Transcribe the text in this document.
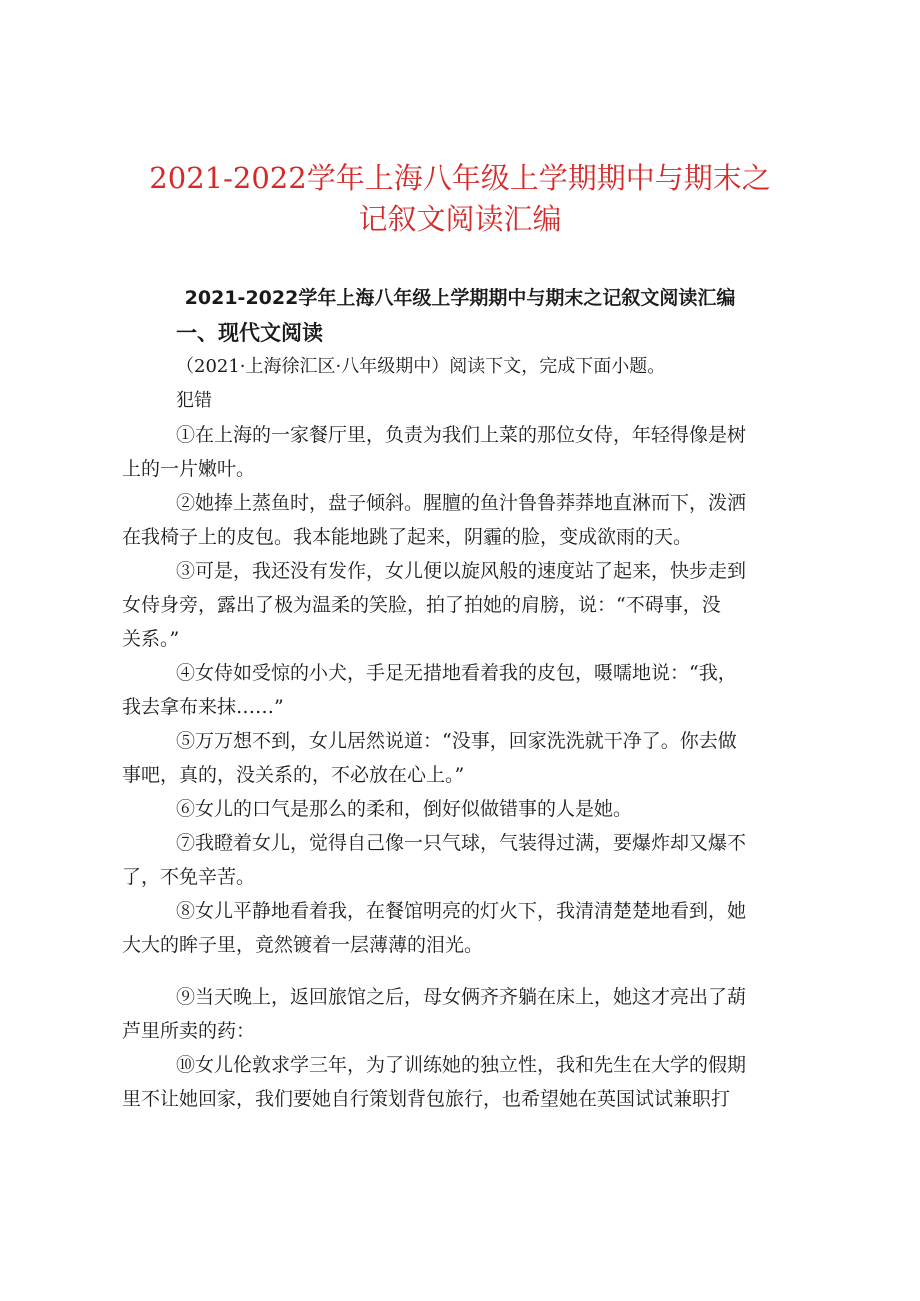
2021-2022学年上海八年级上学期期中与期末之
记叙文阅读汇编
2021-2022学年上海八年级上学期期中与期末之记叙文阅读汇编
一、现代文阅读

（2021·上海徐汇区·八年级期中）阅读下文，完成下面小题。

犯错

①在上海的一家餐厅里，负责为我们上菜的那位女侍，年轻得像是树
上的一片嫩叶。

②她捧上蒸鱼时，盘子倾斜。腥膻的鱼汁鲁鲁莽莽地直淋而下，泼洒
在我椅子上的皮包。我本能地跳了起来，阴霾的脸，变成欲雨的天。

③可是，我还没有发作，女儿便以旋风般的速度站了起来，快步走到
女侍身旁，露出了极为温柔的笑脸，拍了拍她的肩膀，说：“不碍事，没
关系。”

④女侍如受惊的小犬，手足无措地看着我的皮包，嗫嚅地说：“我，
我去拿布来抹……”

⑤万万想不到，女儿居然说道：“没事，回家洗洗就干净了。你去做
事吧，真的，没关系的，不必放在心上。”

⑥女儿的口气是那么的柔和，倒好似做错事的人是她。

⑦我瞪着女儿，觉得自己像一只气球，气装得过满，要爆炸却又爆不
了，不免辛苦。

⑧女儿平静地看着我，在餐馆明亮的灯火下，我清清楚楚地看到，她
大大的眸子里，竟然镀着一层薄薄的泪光。

⑨当天晚上，返回旅馆之后，母女俩齐齐躺在床上，她这才亮出了葫
芦里所卖的药：

⑩女儿伦敦求学三年，为了训练她的独立性，我和先生在大学的假期
里不让她回家，我们要她自行策划背包旅行，也希望她在英国试试兼职打
